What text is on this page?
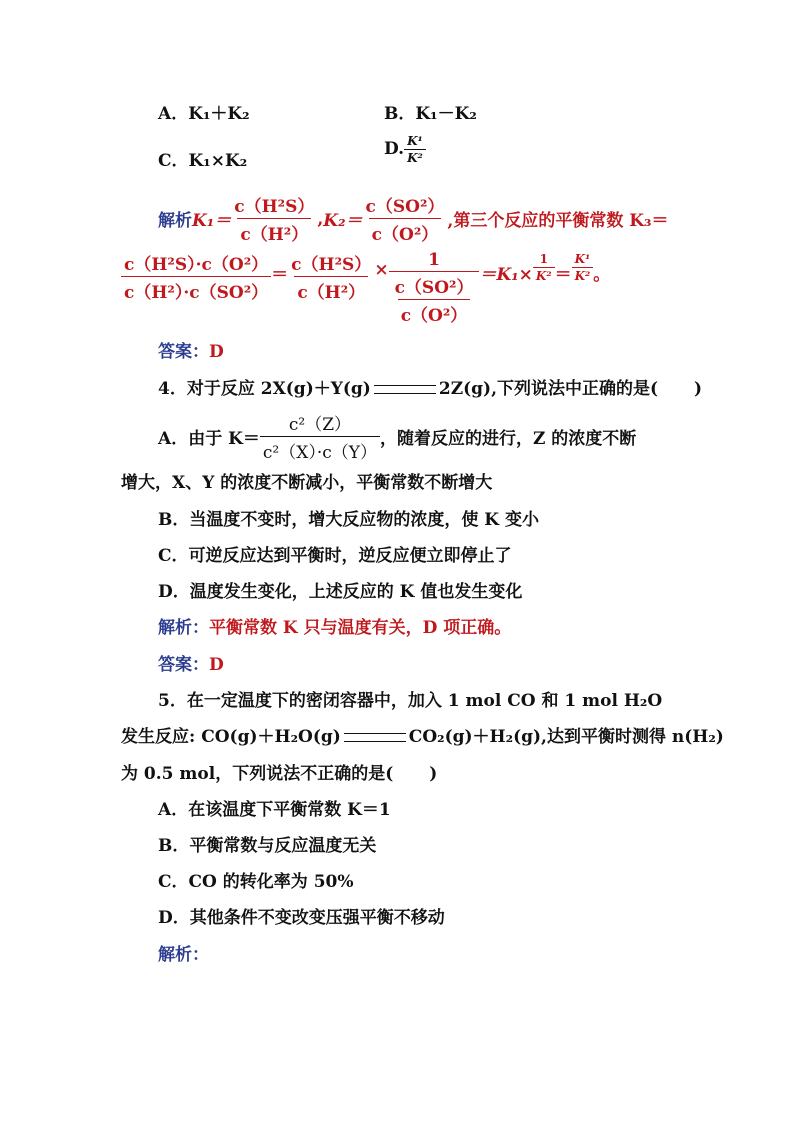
A．K₁＋K₂	B．K₁－K₂
C．K₁×K₂
D. $\frac{\text{K¹}}{\text{K²}}$
解析 $K_1= \frac{\text{c（H²S）}}{\text{c（H²）}}$ , $K_2= \frac{\text{c（SO²）}}{\text{c（O²）}}$ ,第三个反应的平衡常数 K₃＝
$\frac{\text{c（H²S）·c（O²）}}{\text{c（H²）·c（SO²）}} = \frac{\text{c（H²S）}}{\text{c（H²）}} \times \frac{1}{\frac{\text{c（SO²）}}{\text{c（O²）}}} =K_1\times \frac{1}{\text{K²}} = \frac{\text{K¹}}{\text{K²}}$ 。
答案：D
4．对于反应 2X(g)＋Y(g)	2Z(g),下列说法中正确的是( )
A．由于 $K= \frac{\text{c²（Z）}}{\text{c²（X）·c（Y）}}$ ，随着反应的进行，Z 的浓度不断
增大，X、Y 的浓度不断减小，平衡常数不断增大
B．当温度不变时，增大反应物的浓度，使 K 变小
C．可逆反应达到平衡时，逆反应便立即停止了
D．温度发生变化，上述反应的 K 值也发生变化
解析：平衡常数 K 只与温度有关，D 项正确。
答案：D
5．在一定温度下的密闭容器中，加入 1 mol CO 和 1 mol H₂O
发生反应: CO(g)＋H₂O(g)	CO₂(g)＋H₂(g),达到平衡时测得 n(H₂)
为 0.5 mol，下列说法不正确的是( )
A．在该温度下平衡常数 K＝1
B．平衡常数与反应温度无关
C．CO 的转化率为 50%
D．其他条件不变改变压强平衡不移动
解析：
